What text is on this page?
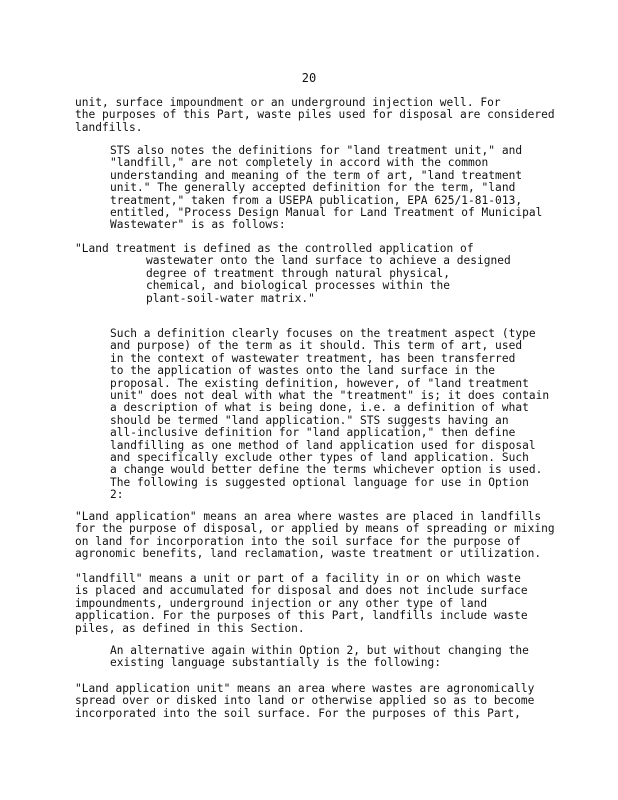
20
unit, surface impoundment or an underground injection well. For
the purposes of this Part, waste piles used for disposal are considered
landfills.
STS also notes the definitions for "land treatment unit," and
"landfill," are not completely in accord with the common
understanding and meaning of the term of art, "land treatment
unit." The generally accepted definition for the term, "land
treatment," taken from a USEPA publication, EPA 625/1-81-013,
entitled, "Process Design Manual for Land Treatment of Municipal
Wastewater" is as follows:
"Land treatment is defined as the controlled application of
wastewater onto the land surface to achieve a designed
degree of treatment through natural physical,
chemical, and biological processes within the
plant-soil-water matrix."
Such a definition clearly focuses on the treatment aspect (type
and purpose) of the term as it should. This term of art, used
in the context of wastewater treatment, has been transferred
to the application of wastes onto the land surface in the
proposal. The existing definition, however, of "land treatment
unit" does not deal with what the "treatment" is; it does contain
a description of what is being done, i.e. a definition of what
should be termed "land application." STS suggests having an
all-inclusive definition for "land application," then define
landfilling as one method of land application used for disposal
and specifically exclude other types of land application. Such
a change would better define the terms whichever option is used.
The following is suggested optional language for use in Option
2:
"Land application" means an area where wastes are placed in landfills
for the purpose of disposal, or applied by means of spreading or mixing
on land for incorporation into the soil surface for the purpose of
agronomic benefits, land reclamation, waste treatment or utilization.
"landfill" means a unit or part of a facility in or on which waste
is placed and accumulated for disposal and does not include surface
impoundments, underground injection or any other type of land
application. For the purposes of this Part, landfills include waste
piles, as defined in this Section.
An alternative again within Option 2, but without changing the
existing language substantially is the following:
"Land application unit" means an area where wastes are agronomically
spread over or disked into land or otherwise applied so as to become
incorporated into the soil surface. For the purposes of this Part,
